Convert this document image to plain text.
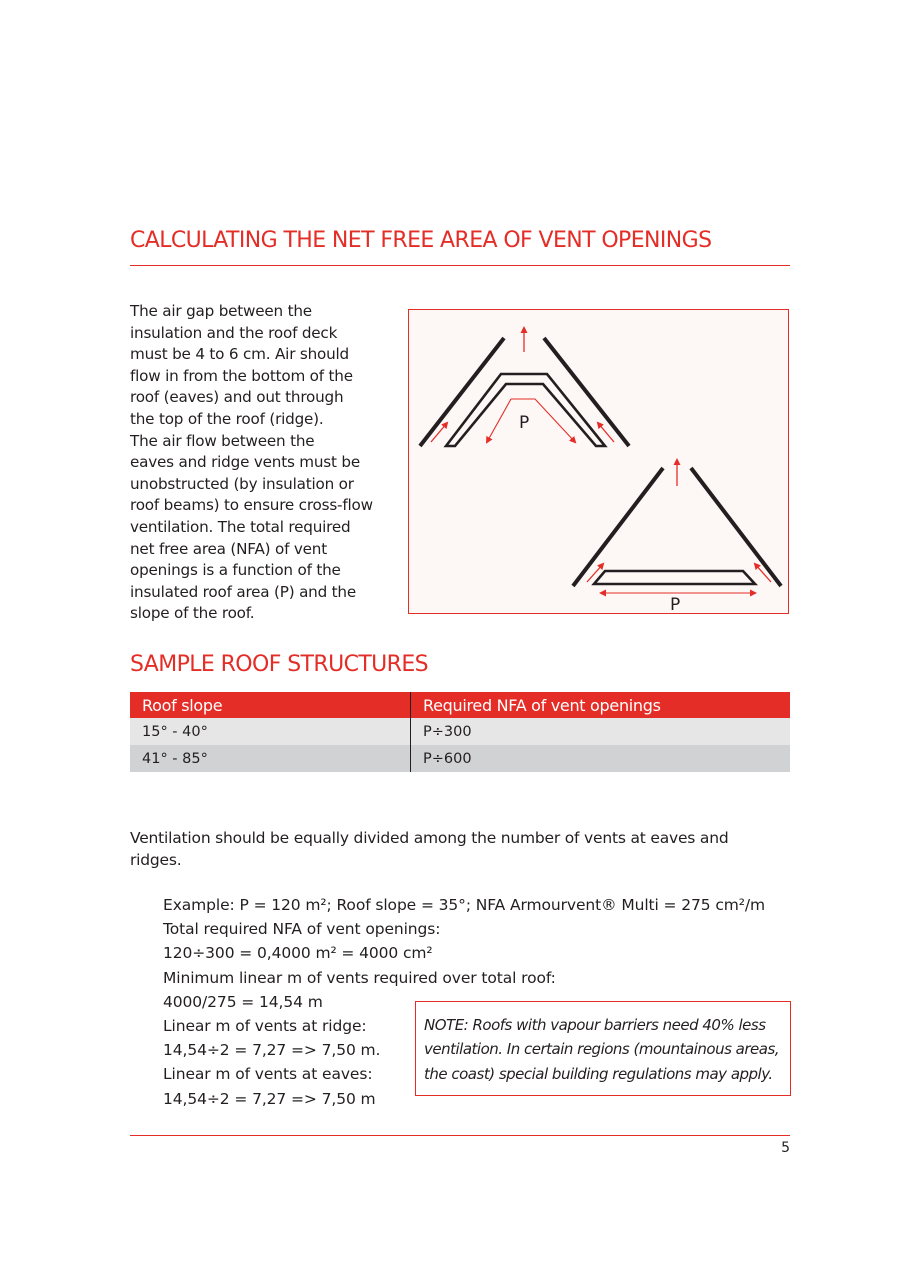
CALCULATING THE NET FREE AREA OF VENT OPENINGS
The air gap between the
insulation and the roof deck
must be 4 to 6 cm. Air should
flow in from the bottom of the
roof (eaves) and out through
the top of the roof (ridge).
The air flow between the
eaves and ridge vents must be
unobstructed (by insulation or
roof beams) to ensure cross-flow
ventilation. The total required
net free area (NFA) of vent
openings is a function of the
insulated roof area (P) and the
slope of the roof.
P
P
SAMPLE ROOF STRUCTURES
Roof slope	Required NFA of vent openings
15° - 40°	P÷300
41° - 85°	P÷600
Ventilation should be equally divided among the number of vents at eaves and ridges.
Example: P = 120 m²; Roof slope = 35°; NFA Armourvent® Multi = 275 cm²/m
Total required NFA of vent openings:
120÷300 = 0,4000 m² = 4000 cm²
Minimum linear m of vents required over total roof:
4000/275 = 14,54 m
Linear m of vents at ridge:
14,54÷2 = 7,27 => 7,50 m.
Linear m of vents at eaves:
14,54÷2 = 7,27 => 7,50 m
NOTE: Roofs with vapour barriers need 40% less
ventilation. In certain regions (mountainous areas,
the coast) special building regulations may apply.
5
